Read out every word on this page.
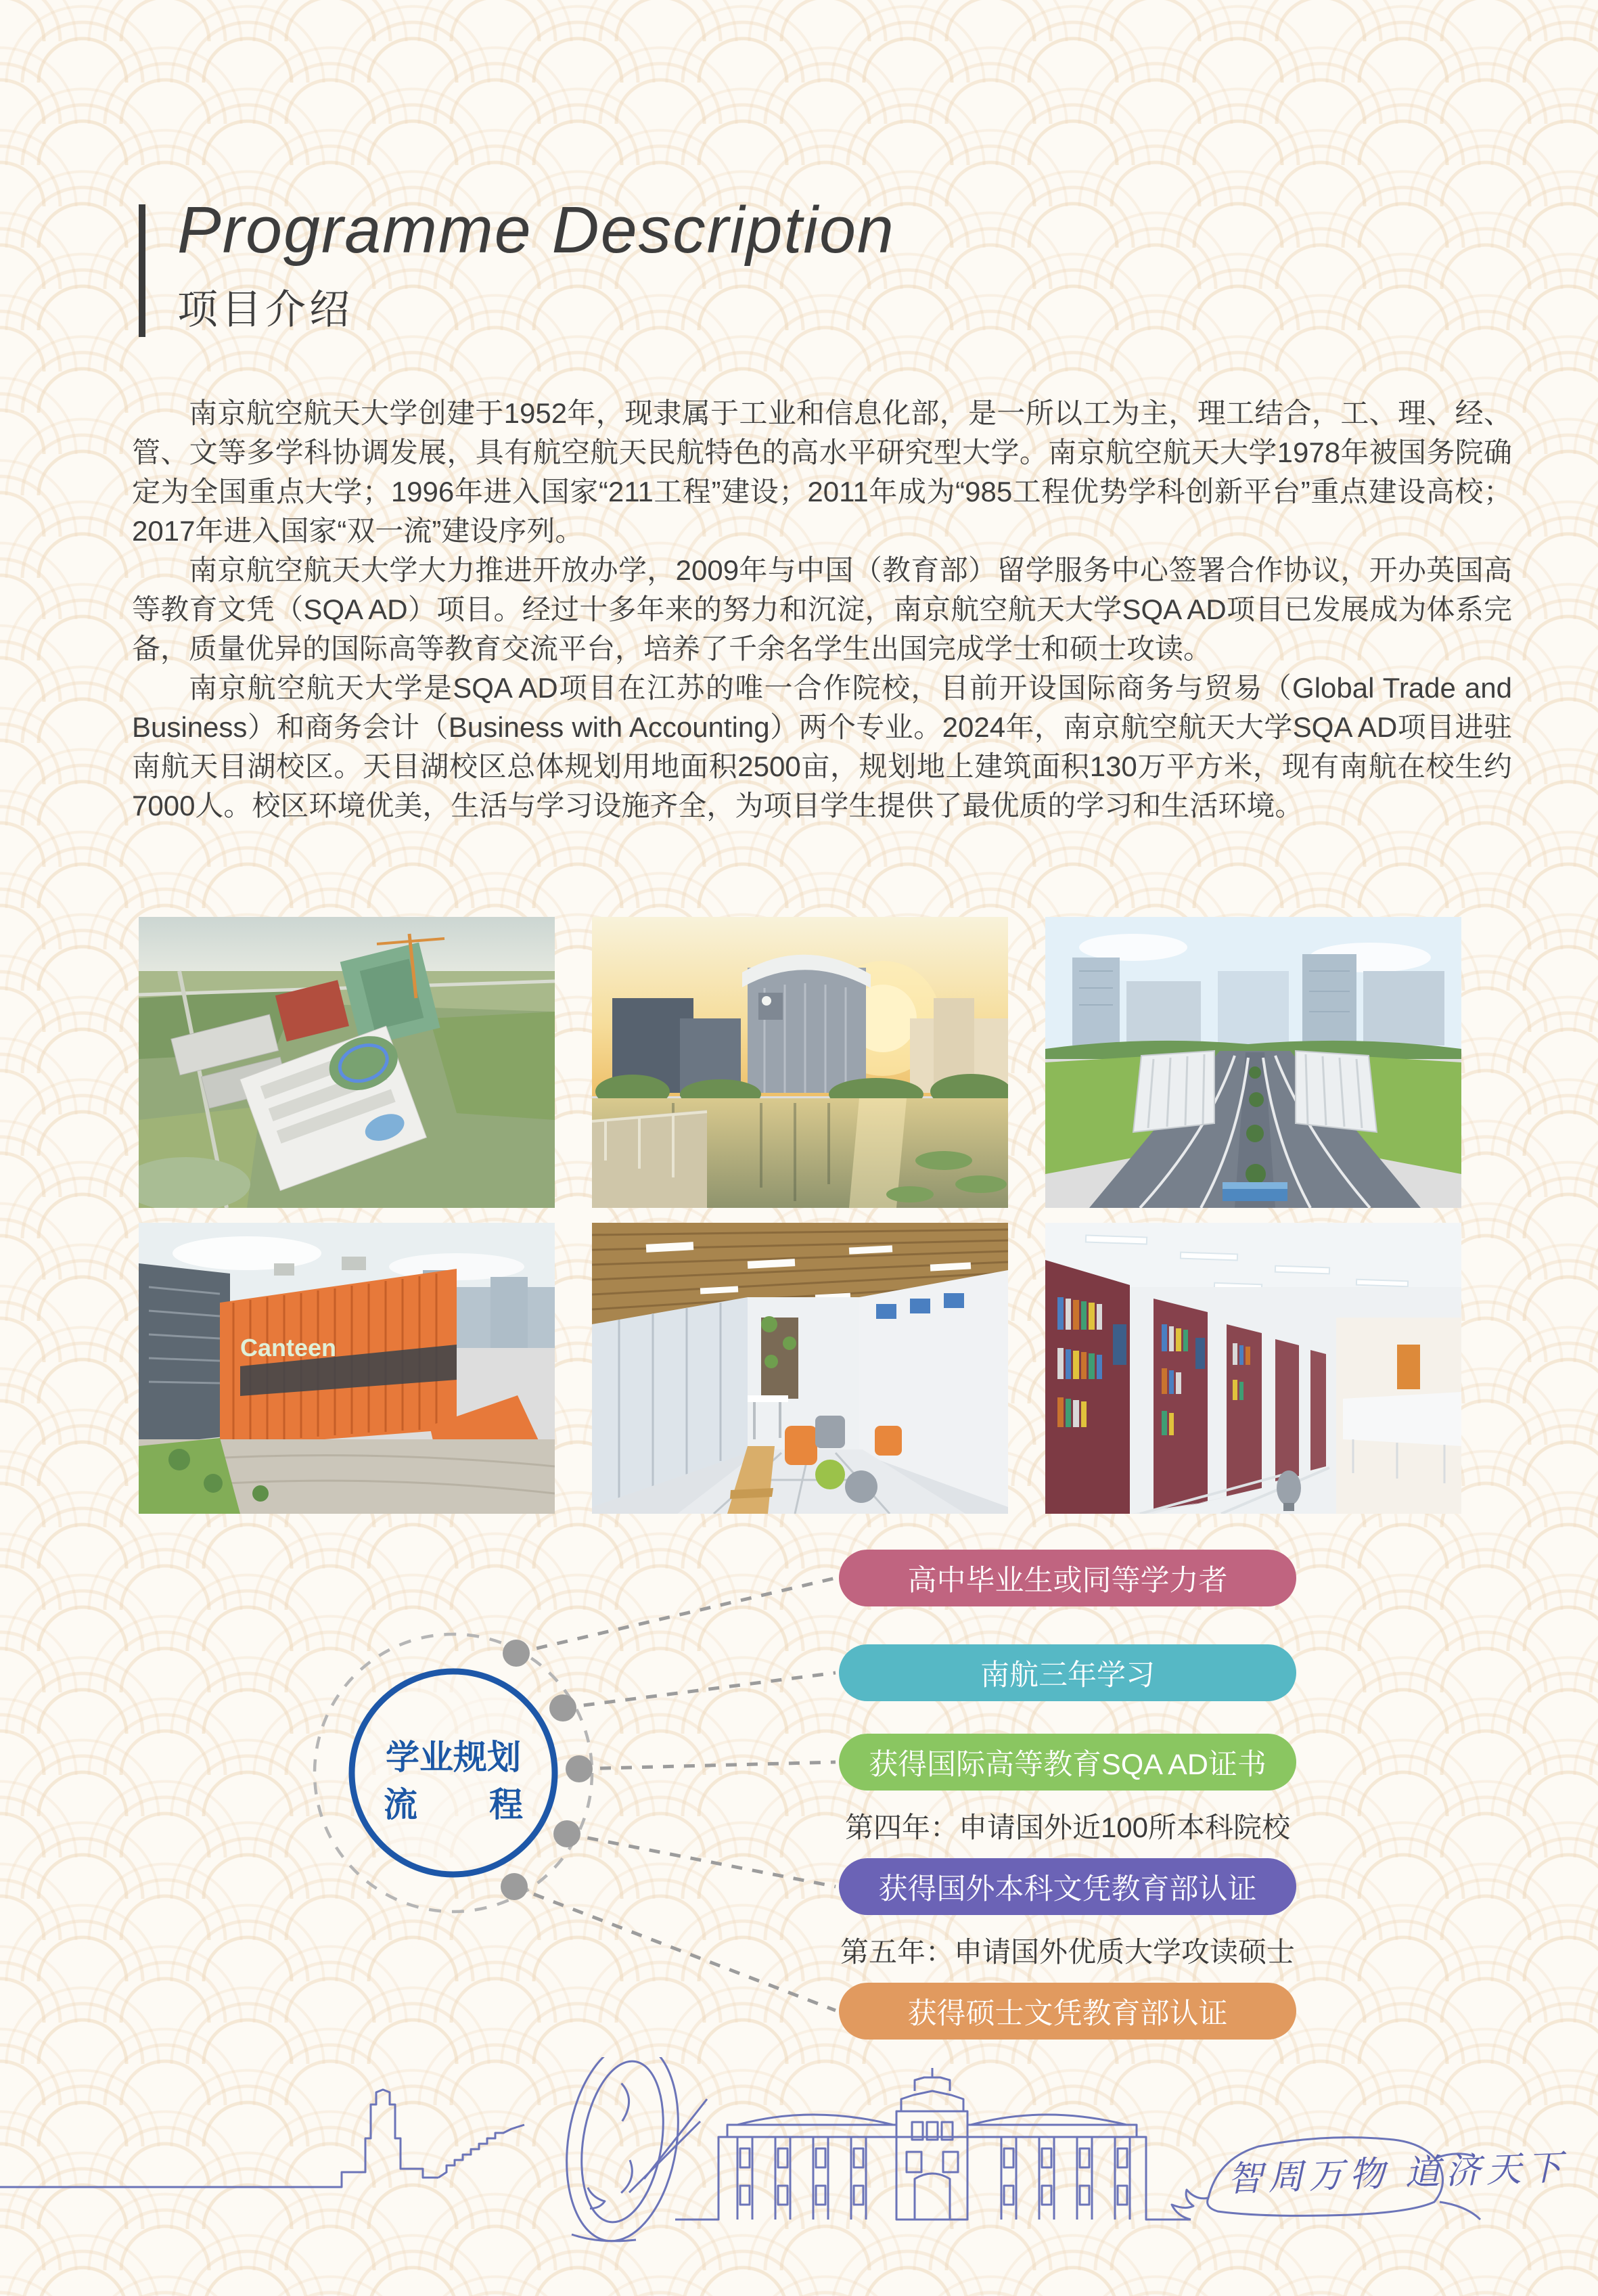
Programme Description
项目介绍

南京航空航天大学创建于1952年，现隶属于工业和信息化部，是一所以工为主，理工结合，工、理、经、管、文等多学科协调发展，具有航空航天民航特色的高水平研究型大学。南京航空航天大学1978年被国务院确定为全国重点大学；1996年进入国家“211工程”建设；2011年成为“985工程优势学科创新平台”重点建设高校；2017年进入国家“双一流”建设序列。

南京航空航天大学大力推进开放办学，2009年与中国（教育部）留学服务中心签署合作协议，开办英国高等教育文凭（SQA AD）项目。经过十多年来的努力和沉淀，南京航空航天大学SQA AD项目已发展成为体系完备，质量优异的国际高等教育交流平台，培养了千余名学生出国完成学士和硕士攻读。

南京航空航天大学是SQA AD项目在江苏的唯一合作院校，目前开设国际商务与贸易（Global Trade and Business）和商务会计（Business with Accounting）两个专业。2024年，南京航空航天大学SQA AD项目进驻南航天目湖校区。天目湖校区总体规划用地面积2500亩，规划地上建筑面积130万平方米，现有南航在校生约7000人。校区环境优美，生活与学习设施齐全，为项目学生提供了最优质的学习和生活环境。

Canteen
学业规划
流 程
高中毕业生或同等学力者
南航三年学习
获得国际高等教育SQA AD证书
第四年：申请国外近100所本科院校
获得国外本科文凭教育部认证
第五年：申请国外优质大学攻读硕士
获得硕士文凭教育部认证
智周万物 道济天下
